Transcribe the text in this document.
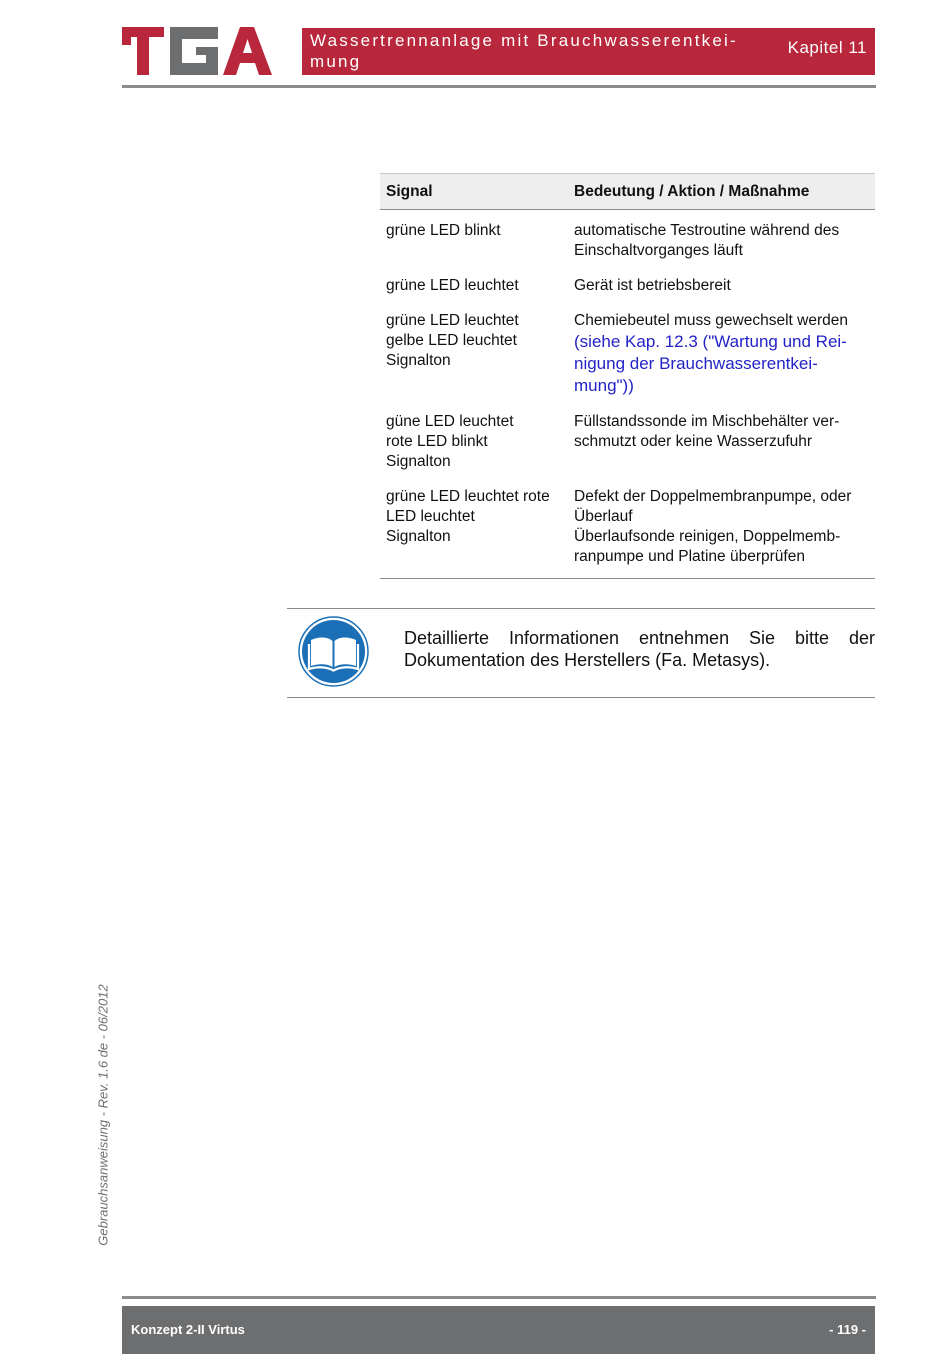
Wassertrennanlage mit Brauchwasserentkei-
mung
Kapitel 11
Signal	Bedeutung / Aktion / Maßnahme

grüne LED blinkt	automatische Testroutine während des
Einschaltvorganges läuft

grüne LED leuchtet	Gerät ist betriebsbereit

grüne LED leuchtet
gelbe LED leuchtet
Signalton	Chemiebeutel muss gewechselt werden
(siehe Kap. 12.3 ("Wartung und Rei-
nigung der Brauchwasserentkei-
mung"))

güne LED leuchtet
rote LED blinkt
Signalton	Füllstandssonde im Mischbehälter ver-
schmutzt oder keine Wasserzufuhr

grüne LED leuchtet rote
LED leuchtet
Signalton	Defekt der Doppelmembranpumpe, oder
Überlauf
Überlaufsonde reinigen, Doppelmemb-
ranpumpe und Platine überprüfen
Detaillierte Informationen entnehmen Sie bitte der Dokumentation des Herstellers (Fa. Metasys).
Gebrauchsanweisung - Rev. 1.6 de - 06/2012
Konzept 2-II Virtus	- 119 -
